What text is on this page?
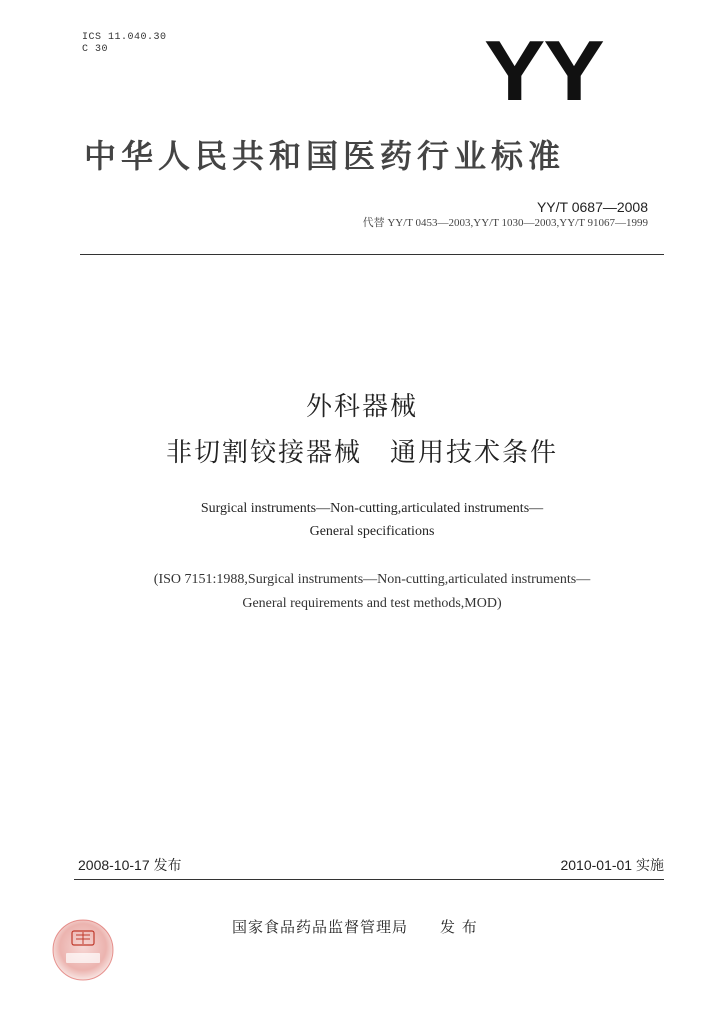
ICS 11.040.30
C 30	YY
中华人民共和国医药行业标准
YY/T 0687—2008
代替 YY/T 0453—2003,YY/T 1030—2003,YY/T 91067—1999
外科器械
非切割铰接器械　通用技术条件
Surgical instruments—Non-cutting,articulated instruments—
General specifications
(ISO 7151:1988,Surgical instruments—Non-cutting,articulated instruments—
General requirements and test methods,MOD)
2008-10-17 发布	2010-01-01 实施
国家食品药品监督管理局　　发 布
